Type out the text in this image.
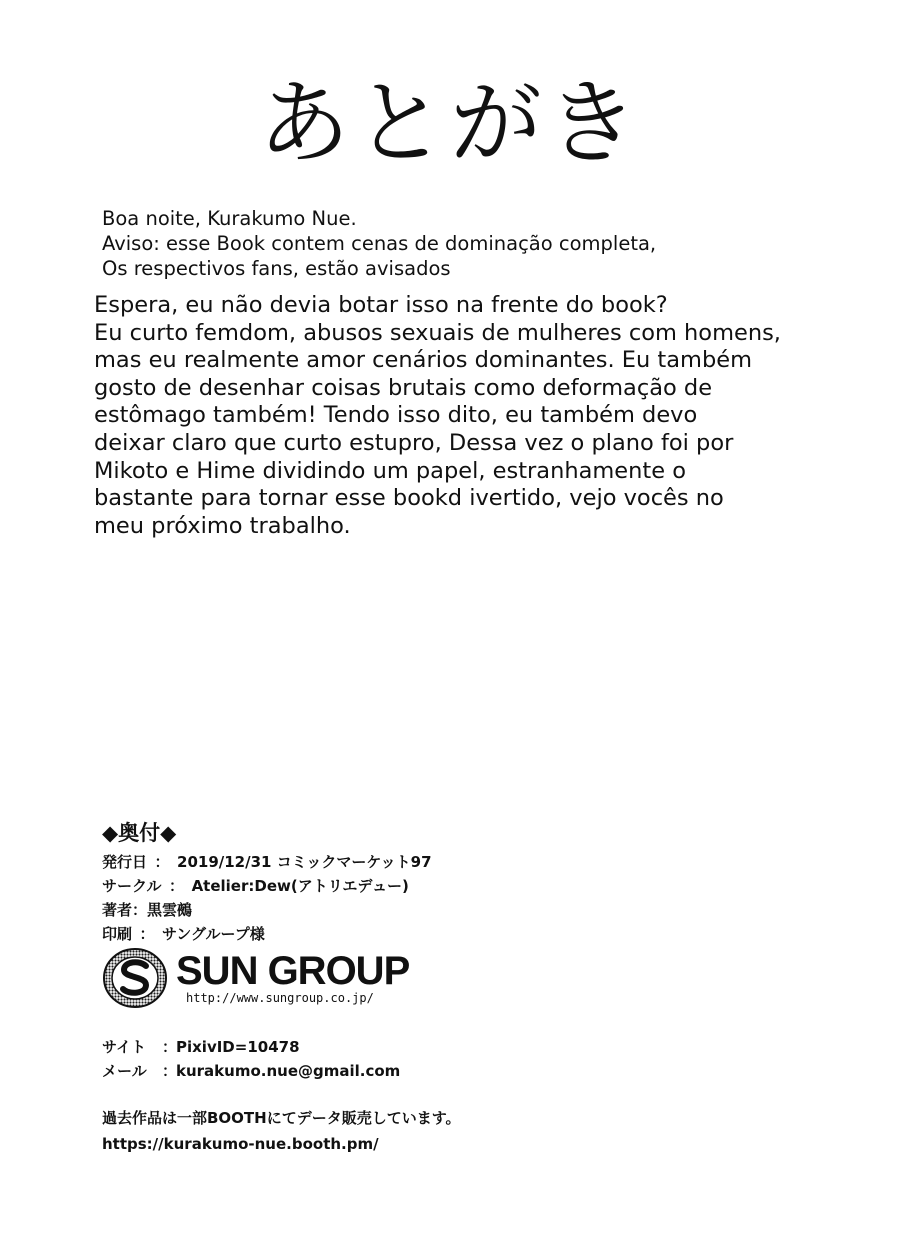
あとがき
Boa noite, Kurakumo Nue.
Aviso: esse Book contem cenas de dominação completa,
Os respectivos fans, estão avisados
Espera, eu não devia botar isso na frente do book?
Eu curto femdom, abusos sexuais de mulheres com homens,
mas eu realmente amor cenários dominantes. Eu também
gosto de desenhar coisas brutais como deformação de
estômago também! Tendo isso dito, eu também devo
deixar claro que curto estupro, Dessa vez o plano foi por
Mikoto e Hime dividindo um papel, estranhamente o
bastante para tornar esse bookd ivertido, vejo vocês no
meu próximo trabalho.
◆奥付◆
発行日 ： 2019/12/31 コミックマーケット97
サークル ： Atelier:Dew(アトリエデュー)
著者：黒雲鵺
印刷 ： サングループ様
SUN GROUP
http://www.sungroup.co.jp/
サイト ：PixivID=10478
メール ：kurakumo.nue@gmail.com
過去作品は一部BOOTHにてデータ販売しています。
https://kurakumo-nue.booth.pm/
